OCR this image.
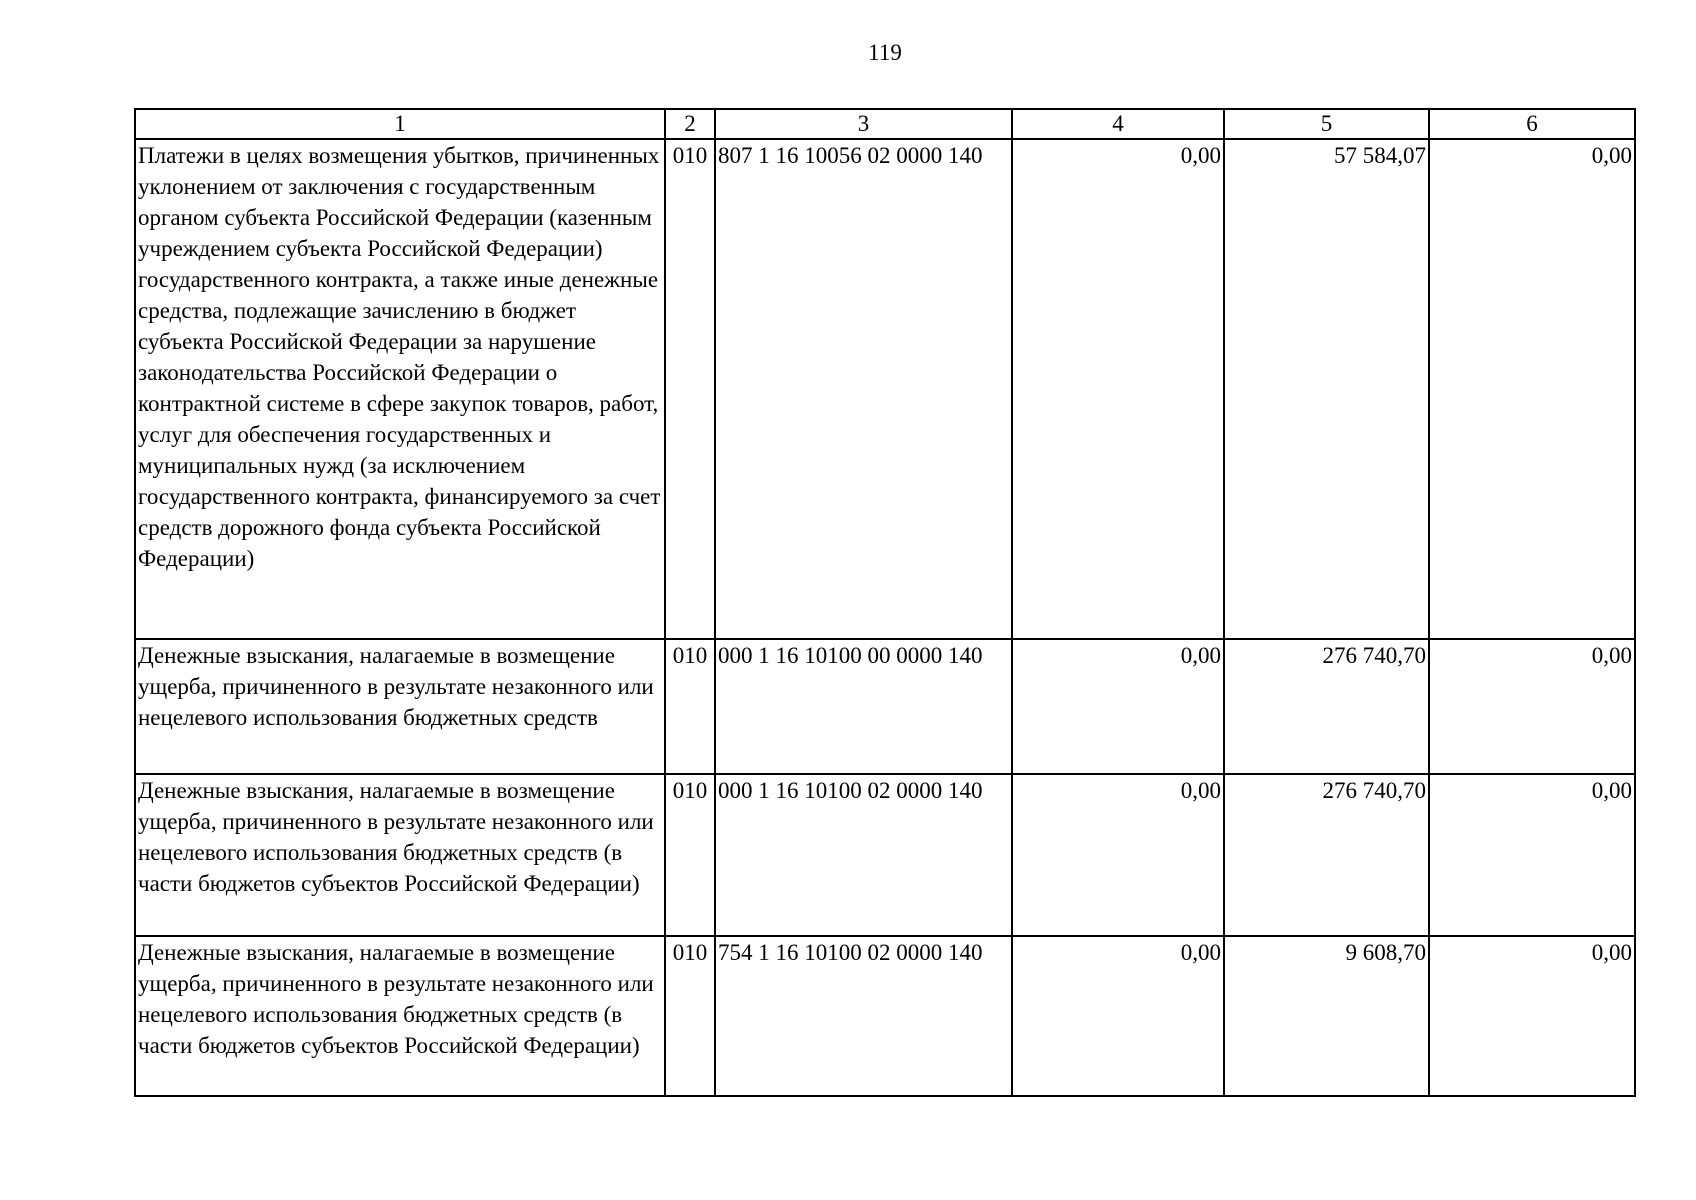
119
1	2	3	4	5	6
Платежи в целях возмещения убытков, причиненных уклонением от заключения с государственным органом субъекта Российской Федерации (казенным учреждением субъекта Российской Федерации) государственного контракта, а также иные денежные средства, подлежащие зачислению в бюджет субъекта Российской Федерации за нарушение законодательства Российской Федерации о контрактной системе в сфере закупок товаров, работ, услуг для обеспечения государственных и муниципальных нужд (за исключением государственного контракта, финансируемого за счет средств дорожного фонда субъекта Российской Федерации)	010	807 1 16 10056 02 0000 140	0,00	57 584,07	0,00
Денежные взыскания, налагаемые в возмещение ущерба, причиненного в результате незаконного или нецелевого использования бюджетных средств	010	000 1 16 10100 00 0000 140	0,00	276 740,70	0,00
Денежные взыскания, налагаемые в возмещение ущерба, причиненного в результате незаконного или нецелевого использования бюджетных средств (в части бюджетов субъектов Российской Федерации)	010	000 1 16 10100 02 0000 140	0,00	276 740,70	0,00
Денежные взыскания, налагаемые в возмещение ущерба, причиненного в результате незаконного или нецелевого использования бюджетных средств (в части бюджетов субъектов Российской Федерации)	010	754 1 16 10100 02 0000 140	0,00	9 608,70	0,00
